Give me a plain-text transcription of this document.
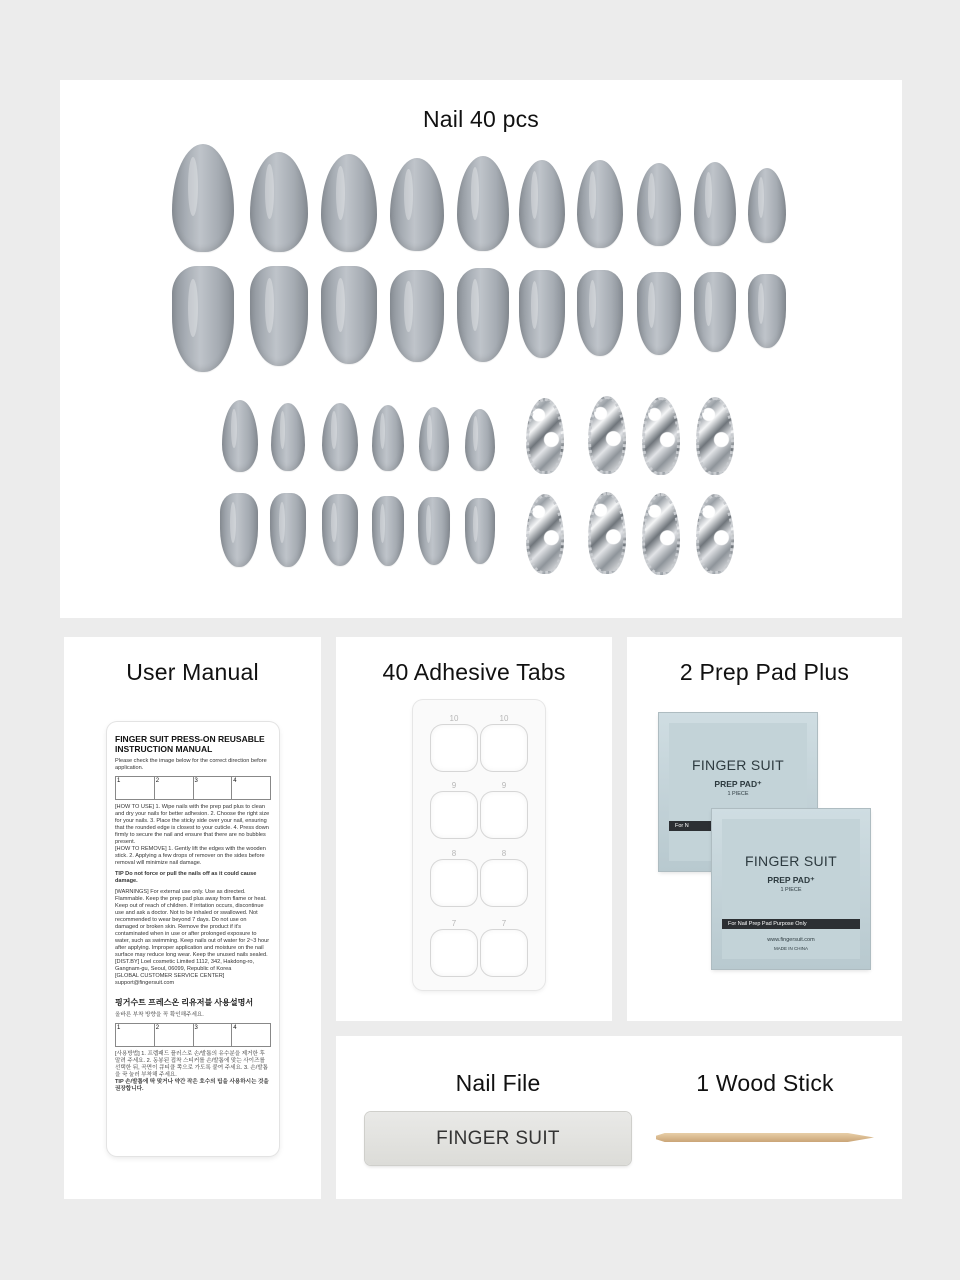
Nail 40 pcs
User Manual
FINGER SUIT PRESS-ON REUSABLE INSTRUCTION MANUAL
Please check the image below for the correct direction before application.
1	2	3	4
[HOW TO USE] 1. Wipe nails with the prep pad plus to clean and dry your nails for better adhesion. 2. Choose the right size for your nails. 3. Place the sticky side over your nail, ensuring that the rounded edge is closest to your cuticle. 4. Press down firmly to secure the nail and ensure that there are no bubbles present.
[HOW TO REMOVE] 1. Gently lift the edges with the wooden stick. 2. Applying a few drops of remover on the sides before removal will minimize nail damage.
TIP Do not force or pull the nails off as it could cause damage.
[WARNINGS] For external use only. Use as directed. Flammable. Keep the prep pad plus away from flame or heat. Keep out of reach of children. If irritation occurs, discontinue use and ask a doctor. Not to be inhaled or swallowed. Not recommended to wear beyond 7 days. Do not use on damaged or broken skin. Remove the product if it's contaminated when in use or after prolonged exposure to water, such as swimming. Keep nails out of water for 2~3 hour after applying. Improper application and moisture on the nail surface may reduce long wear. Keep the unused nails sealed.
[DIST.BY] Loel cosmetic Limited 1112, 342, Hakdong-ro, Gangnam-gu, Seoul, 06099, Republic of Korea
[GLOBAL CUSTOMER SERVICE CENTER] support@fingersuit.com
핑거수트 프레스온 리유저블 사용설명서
올바른 부착 방향을 꼭 확인해주세요.
1	2	3	4
[사용방법] 1. 프렙패드 플러스로 손/발톱의 유수분을 제거한 후 말려 주세요. 2. 동봉된 접착 스티커를 손/발톱에 맞는 사이즈를 선택한 뒤, 곡면이 큐티클 쪽으로 가도록 붙여 주세요. 3. 손/발톱을 꾹 눌러 부착해 주세요.
TIP 손/발톱에 딱 맞거나 약간 작은 호수의 팁을 사용하시는 것을 권장합니다.
40 Adhesive Tabs
10	10
9	9
8	8
7	7
2 Prep Pad Plus
FINGER SUIT
PREP PAD⁺
1 PIECE
For N
FINGER SUIT
PREP PAD⁺
1 PIECE
For Nail Prep Pad Purpose Only
www.fingersuit.com
MADE IN CHINA
Nail File	1 Wood Stick
FINGER SUIT
